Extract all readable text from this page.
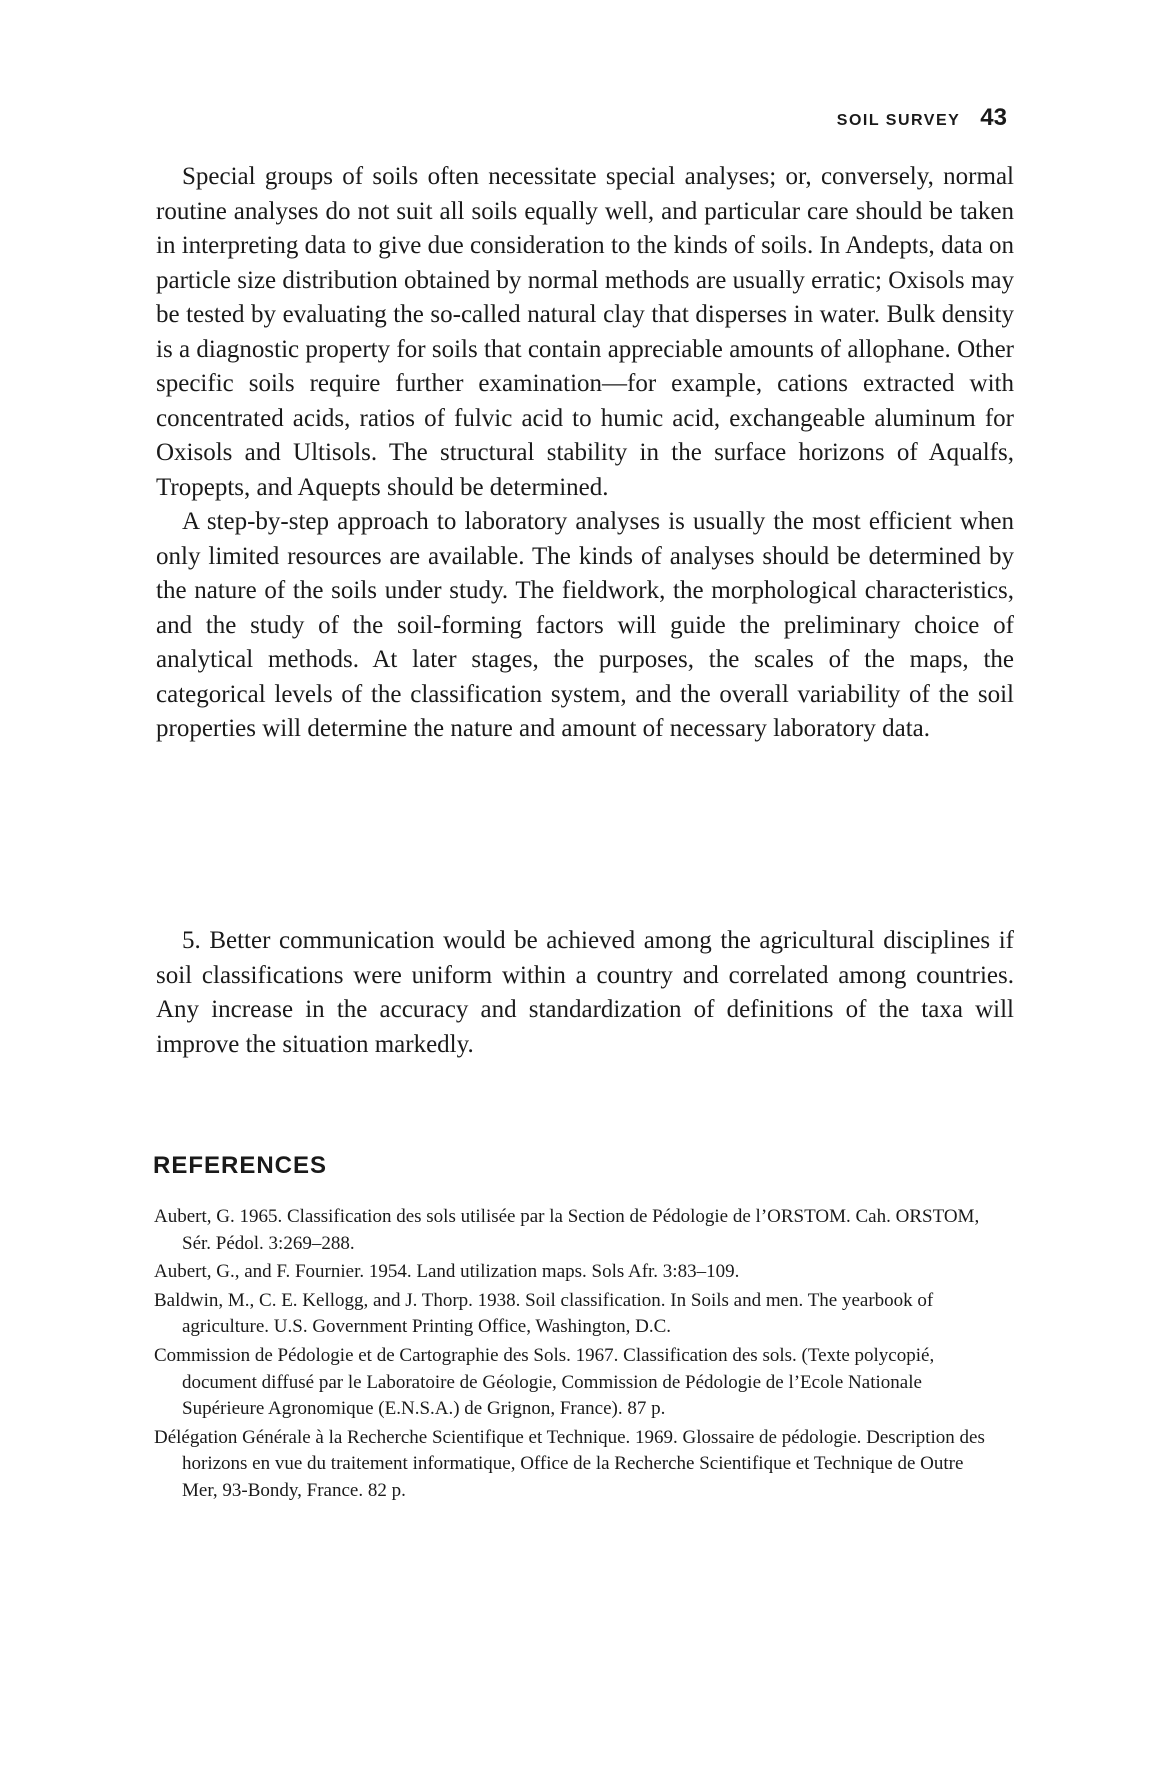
SOIL SURVEY 43

Special groups of soils often necessitate special analyses; or, conversely, normal routine analyses do not suit all soils equally well, and particular care should be taken in interpreting data to give due consideration to the kinds of soils. In Andepts, data on particle size distribution obtained by normal methods are usually erratic; Oxisols may be tested by evaluating the so-called natural clay that disperses in water. Bulk density is a diagnostic property for soils that contain appreciable amounts of allophane. Other specific soils require further examination—for example, cations extracted with concentrated acids, ratios of fulvic acid to humic acid, exchangeable aluminum for Oxisols and Ultisols. The structural stability in the surface horizons of Aqualfs, Tropepts, and Aquepts should be determined.

A step-by-step approach to laboratory analyses is usually the most efficient when only limited resources are available. The kinds of analyses should be determined by the nature of the soils under study. The fieldwork, the morphological characteristics, and the study of the soil-forming factors will guide the preliminary choice of analytical methods. At later stages, the purposes, the scales of the maps, the categorical levels of the classification system, and the overall variability of the soil properties will determine the nature and amount of necessary laboratory data.

5. Better communication would be achieved among the agricultural disciplines if soil classifications were uniform within a country and correlated among countries. Any increase in the accuracy and standardization of definitions of the taxa will improve the situation markedly.

REFERENCES
Aubert, G. 1965. Classification des sols utilisée par la Section de Pédologie de l’ORSTOM. Cah. ORSTOM, Sér. Pédol. 3:269–288.
Aubert, G., and F. Fournier. 1954. Land utilization maps. Sols Afr. 3:83–109.
Baldwin, M., C. E. Kellogg, and J. Thorp. 1938. Soil classification. In Soils and men. The yearbook of agriculture. U.S. Government Printing Office, Washington, D.C.
Commission de Pédologie et de Cartographie des Sols. 1967. Classification des sols. (Texte polycopié, document diffusé par le Laboratoire de Géologie, Commission de Pédologie de l’Ecole Nationale Supérieure Agronomique (E.N.S.A.) de Grignon, France). 87 p.
Délégation Générale à la Recherche Scientifique et Technique. 1969. Glossaire de pédologie. Description des horizons en vue du traitement informatique, Office de la Recherche Scientifique et Technique de Outre Mer, 93-Bondy, France. 82 p.
